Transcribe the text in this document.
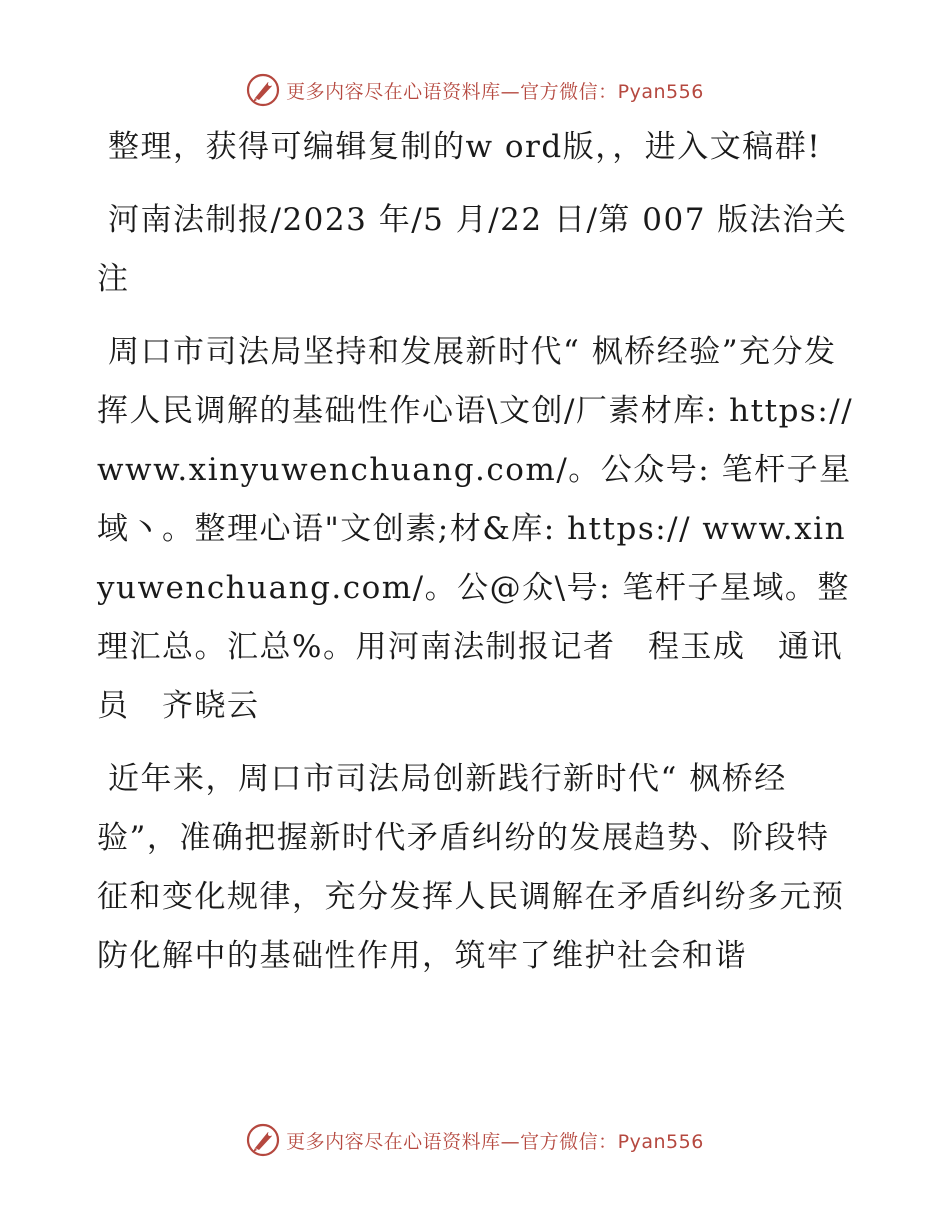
更多内容尽在心语资料库—官方微信：Pyan556

整理，获得可编辑复制的w ord版，，进入文稿群!

河南法制报/2023 年/5 月/22 日/第 007 版法治关注

周口市司法局坚持和发展新时代“ 枫桥经验”充分发挥人民调解的基础性作心语\文创/厂素材库: https://www.xinyuwenchuang.com/。公众号: 笔杆子星域丶。整理心语"文创素;材&库: https:// www.xinyuwenchuang.com/。公@众\号: 笔杆子星域。整理汇总。汇总%。用河南法制报记者　程玉成　通讯员　齐晓云

近年来，周口市司法局创新践行新时代“ 枫桥经验”，准确把握新时代矛盾纠纷的发展趋势、阶段特征和变化规律，充分发挥人民调解在矛盾纠纷多元预防化解中的基础性作用，筑牢了维护社会和谐

更多内容尽在心语资料库—官方微信：Pyan556
